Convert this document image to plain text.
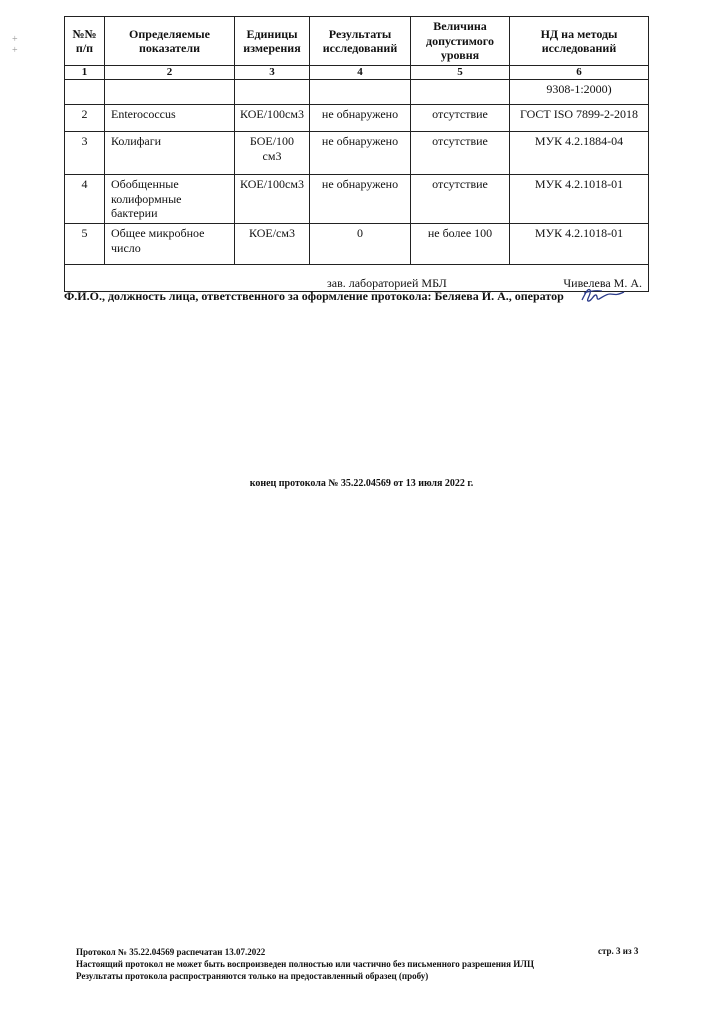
+
+
№№ п/п	Определяемые показатели	Единицы измерения	Результаты исследований	Величина допустимого уровня	НД на методы исследований
1	2	3	4	5	6
					9308-1:2000)
2	Enterococcus	КОЕ/100см3	не обнаружено	отсутствие	ГОСТ ISO 7899-2-2018
3	Колифаги	БОЕ/100 см3	не обнаружено	отсутствие	МУК 4.2.1884-04
4	Обобщенные колиформные бактерии	КОЕ/100см3	не обнаружено	отсутствие	МУК 4.2.1018-01
5	Общее микробное число	КОЕ/см3	0	не более 100	МУК 4.2.1018-01

зав. лабораторией МБЛ Чивелева М. А.					
Ф.И.О., должность лица, ответственного за оформление протокола: Беляева И. А., оператор
конец протокола № 35.22.04569 от 13 июля 2022 г.
Протокол № 35.22.04569 распечатан 13.07.2022
Настоящий протокол не может быть воспроизведен полностью или частично без письменного разрешения ИЛЦ
Результаты протокола распространяются только на предоставленный образец (пробу)
стр. 3 из 3
